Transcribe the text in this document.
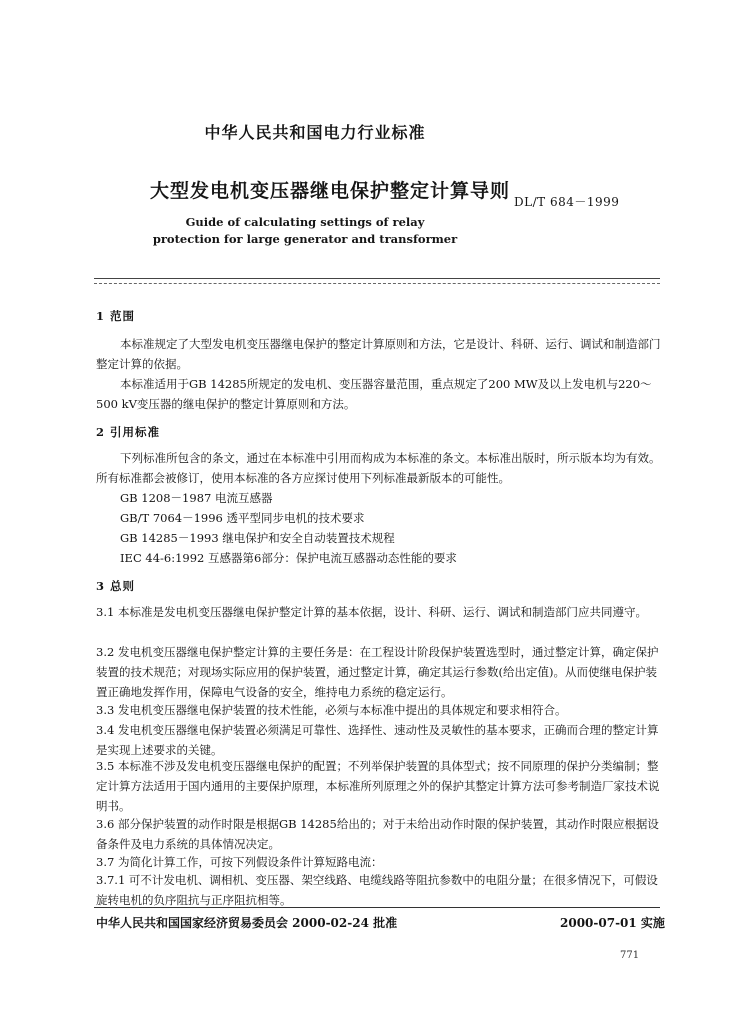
中华人民共和国电力行业标准
大型发电机变压器继电保护整定计算导则 DL/T 684－1999
Guide of calculating settings of relay
protection for large generator and transformer
1 范围
本标准规定了大型发电机变压器继电保护的整定计算原则和方法，它是设计、科研、运行、调试和制造部门整定计算的依据。
本标准适用于GB 14285所规定的发电机、变压器容量范围，重点规定了200 MW及以上发电机与220～500 kV变压器的继电保护的整定计算原则和方法。
2 引用标准
下列标准所包含的条文，通过在本标准中引用而构成为本标准的条文。本标准出版时，所示版本均为有效。所有标准都会被修订，使用本标准的各方应探讨使用下列标准最新版本的可能性。
GB 1208－1987 电流互感器
GB/T 7064－1996 透平型同步电机的技术要求
GB 14285－1993 继电保护和安全自动装置技术规程
IEC 44-6:1992 互感器第6部分：保护电流互感器动态性能的要求
3 总则
3.1 本标准是发电机变压器继电保护整定计算的基本依据，设计、科研、运行、调试和制造部门应共同遵守。
3.2 发电机变压器继电保护整定计算的主要任务是：在工程设计阶段保护装置选型时，通过整定计算，确定保护装置的技术规范；对现场实际应用的保护装置，通过整定计算，确定其运行参数(给出定值)。从而使继电保护装置正确地发挥作用，保障电气设备的安全，维持电力系统的稳定运行。
3.3 发电机变压器继电保护装置的技术性能，必须与本标准中提出的具体规定和要求相符合。
3.4 发电机变压器继电保护装置必须满足可靠性、选择性、速动性及灵敏性的基本要求，正确而合理的整定计算是实现上述要求的关键。
3.5 本标准不涉及发电机变压器继电保护的配置；不列举保护装置的具体型式；按不同原理的保护分类编制；整定计算方法适用于国内通用的主要保护原理，本标准所列原理之外的保护其整定计算方法可参考制造厂家技术说明书。
3.6 部分保护装置的动作时限是根据GB 14285给出的；对于未给出动作时限的保护装置，其动作时限应根据设备条件及电力系统的具体情况决定。
3.7 为简化计算工作，可按下列假设条件计算短路电流：
3.7.1 可不计发电机、调相机、变压器、架空线路、电缆线路等阻抗参数中的电阻分量；在很多情况下，可假设旋转电机的负序阻抗与正序阻抗相等。
中华人民共和国国家经济贸易委员会 2000-02-24 批准	2000-07-01 实施
771
